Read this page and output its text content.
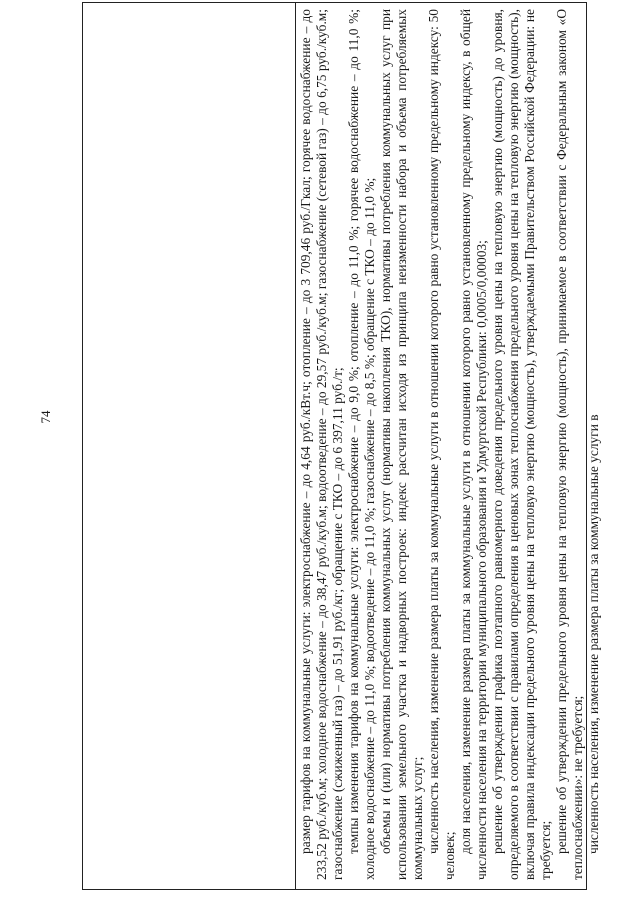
74	размер тарифов на коммунальные услуги: электроснабжение – до 4,64 руб./кВт.ч; отопление – до 3 709,46 руб./Гкал; горячее водоснабжение – до 233,52 руб./куб.м; холодное водоснабжение – до 38,47 руб./куб.м; водоотведение – до 29,57 руб./куб.м; газоснабжение (сетевой газ) – до 6,75 руб./куб.м; газоснабжение (сжиженный газ) – до 51,91 руб./кг; обращение с ТКО – до 6 397,11 руб./т; темпы изменения тарифов на коммунальные услуги: электроснабжение – до 9,0 %; отопление – до 11,0 %; горячее водоснабжение – до 11,0 %; холодное водоснабжение – до 11,0 %; водоотведение – до 11,0 %; газоснабжение – до 8,5 %; обращение с ТКО – до 11,0 %; объемы и (или) нормативы потребления коммунальных услуг (нормативы накопления ТКО), нормативы потребления коммунальных услуг при использовании земельного участка и надворных построек: индекс рассчитан исходя из принципа неизменности набора и объема потребляемых коммунальных услуг; численность населения, изменение размера платы за коммунальные услуги в отношении которого равно установленному предельному индексу: 50 человек;

доля населения, изменение размера платы за коммунальные услуги в отношении которого равно установленному предельному индексу, в общей численности населения на территории муниципального образования и Удмуртской Республики: 0,0005/0,00003; решение об утверждении графика поэтапного равномерного доведения предельного уровня цены на тепловую энергию (мощность) до уровня, определяемого в соответствии с правилами определения в ценовых зонах теплоснабжения предельного уровня цены на тепловую энергию (мощность), включая правила индексации предельного уровня цены на тепловую энергию (мощность), утверждаемыми Правительством Российской Федерации: не требуется; решение об утверждении предельного уровня цены на тепловую энергию (мощность), принимаемое в соответствии с Федеральным законом «О теплоснабжении»: не требуется; численность населения, изменение размера платы за коммунальные услуги в
